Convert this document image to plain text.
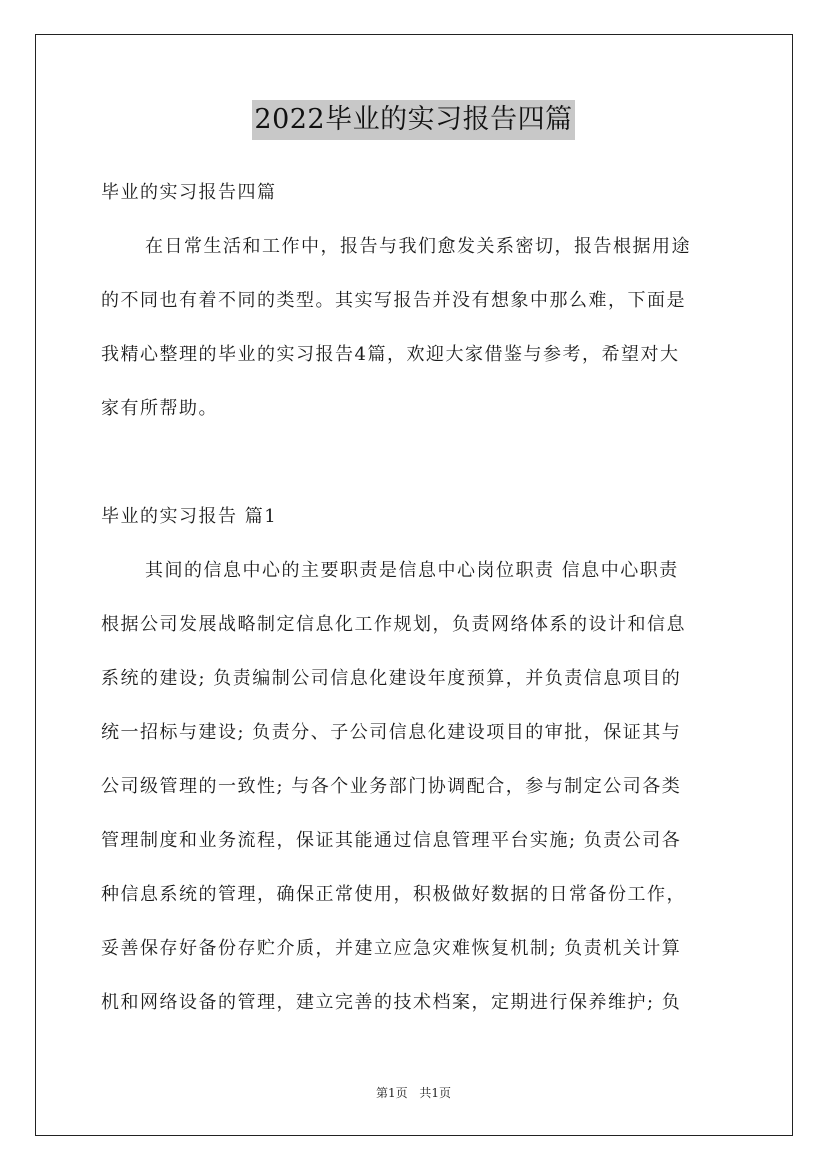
2022毕业的实习报告四篇
毕业的实习报告四篇
在日常生活和工作中，报告与我们愈发关系密切，报告根据用途
的不同也有着不同的类型。其实写报告并没有想象中那么难，下面是
我精心整理的毕业的实习报告4篇，欢迎大家借鉴与参考，希望对大
家有所帮助。
毕业的实习报告 篇1
其间的信息中心的主要职责是信息中心岗位职责 信息中心职责
根据公司发展战略制定信息化工作规划，负责网络体系的设计和信息
系统的建设; 负责编制公司信息化建设年度预算，并负责信息项目的
统一招标与建设; 负责分、子公司信息化建设项目的审批，保证其与
公司级管理的一致性; 与各个业务部门协调配合，参与制定公司各类
管理制度和业务流程，保证其能通过信息管理平台实施; 负责公司各
种信息系统的管理，确保正常使用，积极做好数据的日常备份工作，
妥善保存好备份存贮介质，并建立应急灾难恢复机制; 负责机关计算
机和网络设备的管理，建立完善的技术档案，定期进行保养维护; 负
第1页 共1页
